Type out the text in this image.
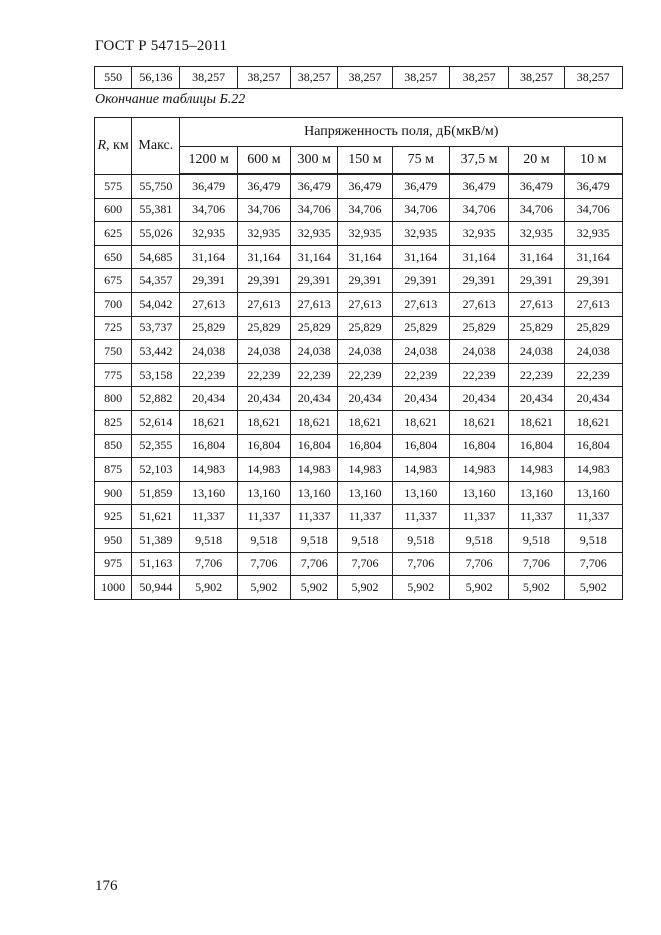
ГОСТ Р 54715–2011
550	56,136	38,257	38,257	38,257	38,257	38,257	38,257	38,257	38,257
Окончание таблицы Б.22
R, км	Макс.	Напряженность поля, дБ(мкВ/м)							
		1200 м	600 м	300 м	150 м	75 м	37,5 м	20 м	10 м
575	55,750	36,479	36,479	36,479	36,479	36,479	36,479	36,479	36,479
600	55,381	34,706	34,706	34,706	34,706	34,706	34,706	34,706	34,706
625	55,026	32,935	32,935	32,935	32,935	32,935	32,935	32,935	32,935
650	54,685	31,164	31,164	31,164	31,164	31,164	31,164	31,164	31,164
675	54,357	29,391	29,391	29,391	29,391	29,391	29,391	29,391	29,391
700	54,042	27,613	27,613	27,613	27,613	27,613	27,613	27,613	27,613
725	53,737	25,829	25,829	25,829	25,829	25,829	25,829	25,829	25,829
750	53,442	24,038	24,038	24,038	24,038	24,038	24,038	24,038	24,038
775	53,158	22,239	22,239	22,239	22,239	22,239	22,239	22,239	22,239
800	52,882	20,434	20,434	20,434	20,434	20,434	20,434	20,434	20,434
825	52,614	18,621	18,621	18,621	18,621	18,621	18,621	18,621	18,621
850	52,355	16,804	16,804	16,804	16,804	16,804	16,804	16,804	16,804
875	52,103	14,983	14,983	14,983	14,983	14,983	14,983	14,983	14,983
900	51,859	13,160	13,160	13,160	13,160	13,160	13,160	13,160	13,160
925	51,621	11,337	11,337	11,337	11,337	11,337	11,337	11,337	11,337
950	51,389	9,518	9,518	9,518	9,518	9,518	9,518	9,518	9,518
975	51,163	7,706	7,706	7,706	7,706	7,706	7,706	7,706	7,706
1000	50,944	5,902	5,902	5,902	5,902	5,902	5,902	5,902	5,902
176
